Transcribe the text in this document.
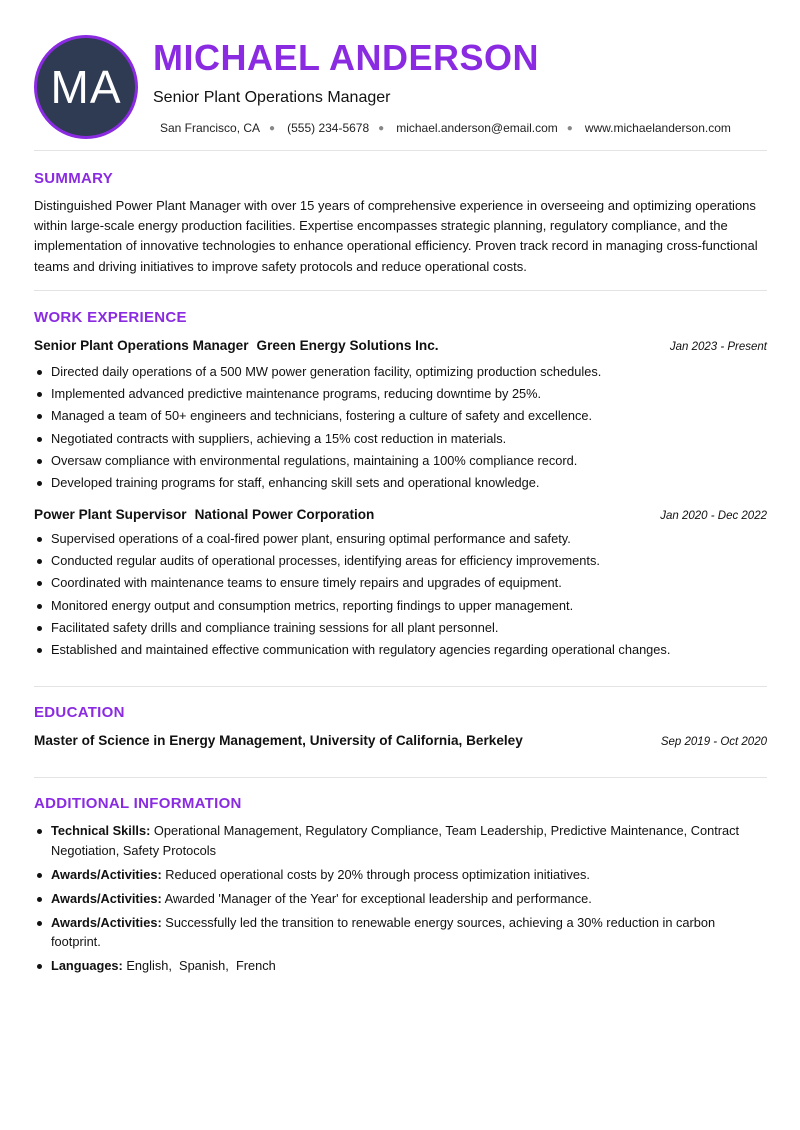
MA
MICHAEL ANDERSON
Senior Plant Operations Manager
San Francisco, CA ● (555) 234-5678 ● michael.anderson@email.com ● www.michaelanderson.com
SUMMARY

Distinguished Power Plant Manager with over 15 years of comprehensive experience in overseeing and optimizing operations within large-scale energy production facilities. Expertise encompasses strategic planning, regulatory compliance, and the implementation of innovative technologies to enhance operational efficiency. Proven track record in managing cross-functional teams and driving initiatives to improve safety protocols and reduce operational costs.

WORK EXPERIENCE
Senior Plant Operations Manager Green Energy Solutions Inc.	Jan 2023 - Present
Directed daily operations of a 500 MW power generation facility, optimizing production schedules.
Implemented advanced predictive maintenance programs, reducing downtime by 25%.
Managed a team of 50+ engineers and technicians, fostering a culture of safety and excellence.
Negotiated contracts with suppliers, achieving a 15% cost reduction in materials.
Oversaw compliance with environmental regulations, maintaining a 100% compliance record.
Developed training programs for staff, enhancing skill sets and operational knowledge.
Power Plant Supervisor National Power Corporation	Jan 2020 - Dec 2022
Supervised operations of a coal-fired power plant, ensuring optimal performance and safety.
Conducted regular audits of operational processes, identifying areas for efficiency improvements.
Coordinated with maintenance teams to ensure timely repairs and upgrades of equipment.
Monitored energy output and consumption metrics, reporting findings to upper management.
Facilitated safety drills and compliance training sessions for all plant personnel.
Established and maintained effective communication with regulatory agencies regarding operational changes.
EDUCATION
Master of Science in Energy Management, University of California, Berkeley	Sep 2019 - Oct 2020
ADDITIONAL INFORMATION
Technical Skills: Operational Management, Regulatory Compliance, Team Leadership, Predictive Maintenance, Contract Negotiation, Safety Protocols
Awards/Activities: Reduced operational costs by 20% through process optimization initiatives.
Awards/Activities: Awarded 'Manager of the Year' for exceptional leadership and performance.
Awards/Activities: Successfully led the transition to renewable energy sources, achieving a 30% reduction in carbon footprint.
Languages: English,  Spanish,  French
